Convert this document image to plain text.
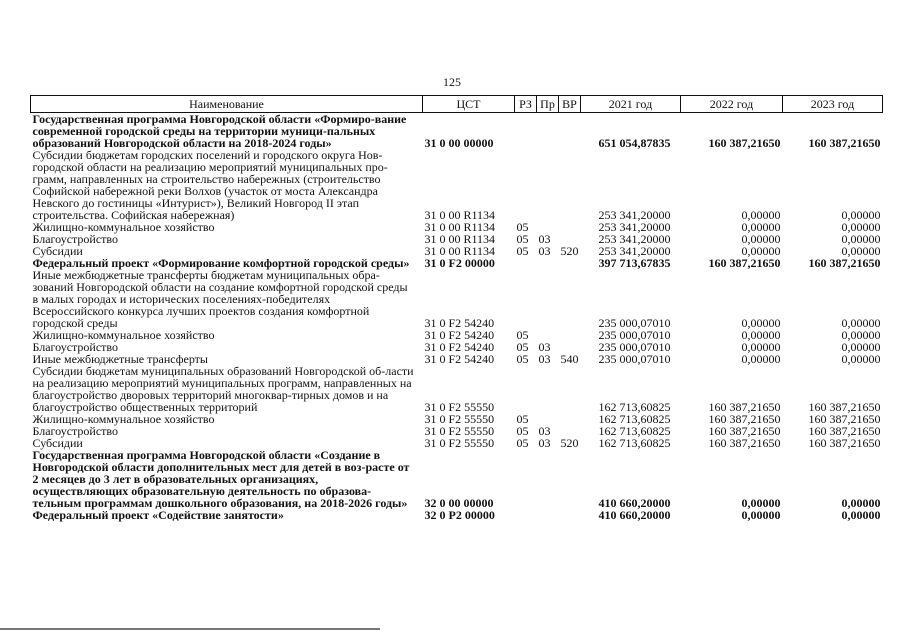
125
Наименование	ЦСТ	РЗ	Пр	ВР	2021 год	2022 год	2023 год
Государственная программа Новгородской области «Формиро-вание современной городской среды на территории муници-пальных образований Новгородской области на 2018-2024 годы»	31 0 00 00000				651 054,87835	160 387,21650	160 387,21650
Субсидии бюджетам городских поселений и городского округа Нов-городской области на реализацию мероприятий муниципальных про-грамм, направленных на строительство набережных (строительство Софийской набережной реки Волхов (участок от моста Александра Невского до гостиницы «Интурист»), Великий Новгород II этап строительства. Софийская набережная)	31 0 00 R1134				253 341,20000	0,00000	0,00000
Жилищно-коммунальное хозяйство	31 0 00 R1134	05			253 341,20000	0,00000	0,00000
Благоустройство	31 0 00 R1134	05	03		253 341,20000	0,00000	0,00000
Субсидии	31 0 00 R1134	05	03	520	253 341,20000	0,00000	0,00000
Федеральный проект «Формирование комфортной городской среды»	31 0 F2 00000				397 713,67835	160 387,21650	160 387,21650
Иные межбюджетные трансферты бюджетам муниципальных обра-зований Новгородской области на создание комфортной городской среды в малых городах и исторических поселениях-победителях Всероссийского конкурса лучших проектов создания комфортной городской среды	31 0 F2 54240				235 000,07010	0,00000	0,00000
Жилищно-коммунальное хозяйство	31 0 F2 54240	05			235 000,07010	0,00000	0,00000
Благоустройство	31 0 F2 54240	05	03		235 000,07010	0,00000	0,00000
Иные межбюджетные трансферты	31 0 F2 54240	05	03	540	235 000,07010	0,00000	0,00000
Субсидии бюджетам муниципальных образований Новгородской об-ласти на реализацию мероприятий муниципальных программ, направленных на благоустройство дворовых территорий многоквар-тирных домов и на благоустройство общественных территорий	31 0 F2 55550				162 713,60825	160 387,21650	160 387,21650
Жилищно-коммунальное хозяйство	31 0 F2 55550	05			162 713,60825	160 387,21650	160 387,21650
Благоустройство	31 0 F2 55550	05	03		162 713,60825	160 387,21650	160 387,21650
Субсидии	31 0 F2 55550	05	03	520	162 713,60825	160 387,21650	160 387,21650
Государственная программа Новгородской области «Создание в Новгородской области дополнительных мест для детей в воз-расте от 2 месяцев до 3 лет в образовательных организациях, осуществляющих образовательную деятельность по образова-тельным программам дошкольного образования, на 2018-2026 годы»	32 0 00 00000				410 660,20000	0,00000	0,00000
Федеральный проект «Содействие занятости»	32 0 P2 00000				410 660,20000	0,00000	0,00000
